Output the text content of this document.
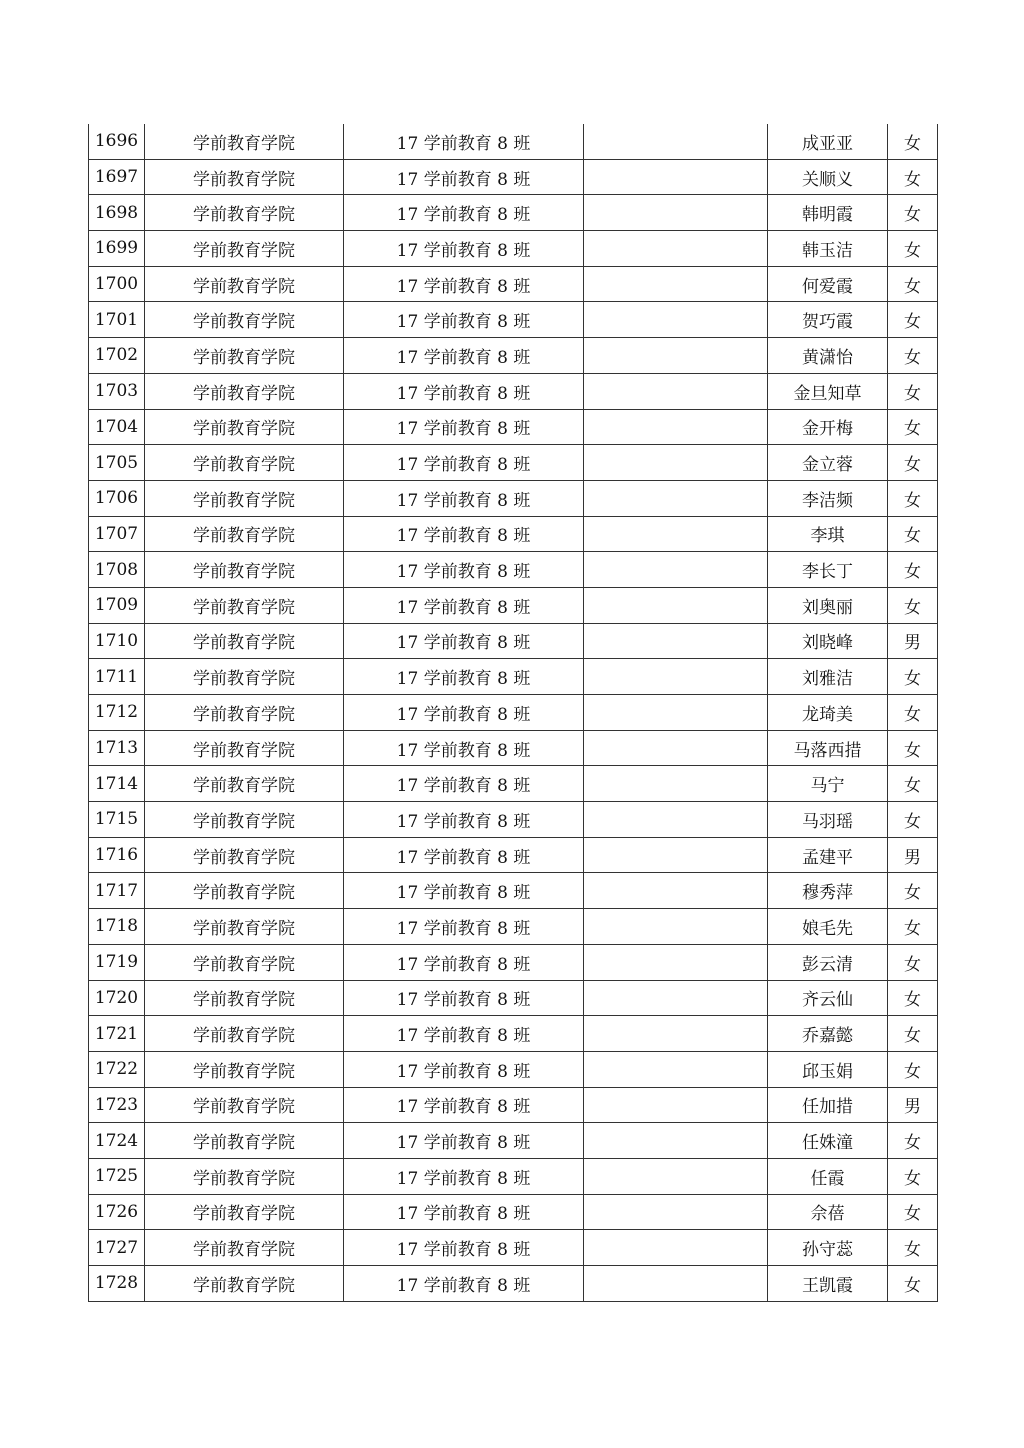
1696	学前教育学院	17 学前教育 8 班		成亚亚	女
1697	学前教育学院	17 学前教育 8 班		关顺义	女
1698	学前教育学院	17 学前教育 8 班		韩明霞	女
1699	学前教育学院	17 学前教育 8 班		韩玉洁	女
1700	学前教育学院	17 学前教育 8 班		何爱霞	女
1701	学前教育学院	17 学前教育 8 班		贺巧霞	女
1702	学前教育学院	17 学前教育 8 班		黄潇怡	女
1703	学前教育学院	17 学前教育 8 班		金旦知草	女
1704	学前教育学院	17 学前教育 8 班		金开梅	女
1705	学前教育学院	17 学前教育 8 班		金立蓉	女
1706	学前教育学院	17 学前教育 8 班		李洁频	女
1707	学前教育学院	17 学前教育 8 班		李琪	女
1708	学前教育学院	17 学前教育 8 班		李长丁	女
1709	学前教育学院	17 学前教育 8 班		刘奥丽	女
1710	学前教育学院	17 学前教育 8 班		刘晓峰	男
1711	学前教育学院	17 学前教育 8 班		刘雅洁	女
1712	学前教育学院	17 学前教育 8 班		龙琦美	女
1713	学前教育学院	17 学前教育 8 班		马落西措	女
1714	学前教育学院	17 学前教育 8 班		马宁	女
1715	学前教育学院	17 学前教育 8 班		马羽瑶	女
1716	学前教育学院	17 学前教育 8 班		孟建平	男
1717	学前教育学院	17 学前教育 8 班		穆秀萍	女
1718	学前教育学院	17 学前教育 8 班		娘毛先	女
1719	学前教育学院	17 学前教育 8 班		彭云清	女
1720	学前教育学院	17 学前教育 8 班		齐云仙	女
1721	学前教育学院	17 学前教育 8 班		乔嘉懿	女
1722	学前教育学院	17 学前教育 8 班		邱玉娟	女
1723	学前教育学院	17 学前教育 8 班		任加措	男
1724	学前教育学院	17 学前教育 8 班		任姝潼	女
1725	学前教育学院	17 学前教育 8 班		任霞	女
1726	学前教育学院	17 学前教育 8 班		佘蓓	女
1727	学前教育学院	17 学前教育 8 班		孙守蕊	女
1728	学前教育学院	17 学前教育 8 班		王凯霞	女
